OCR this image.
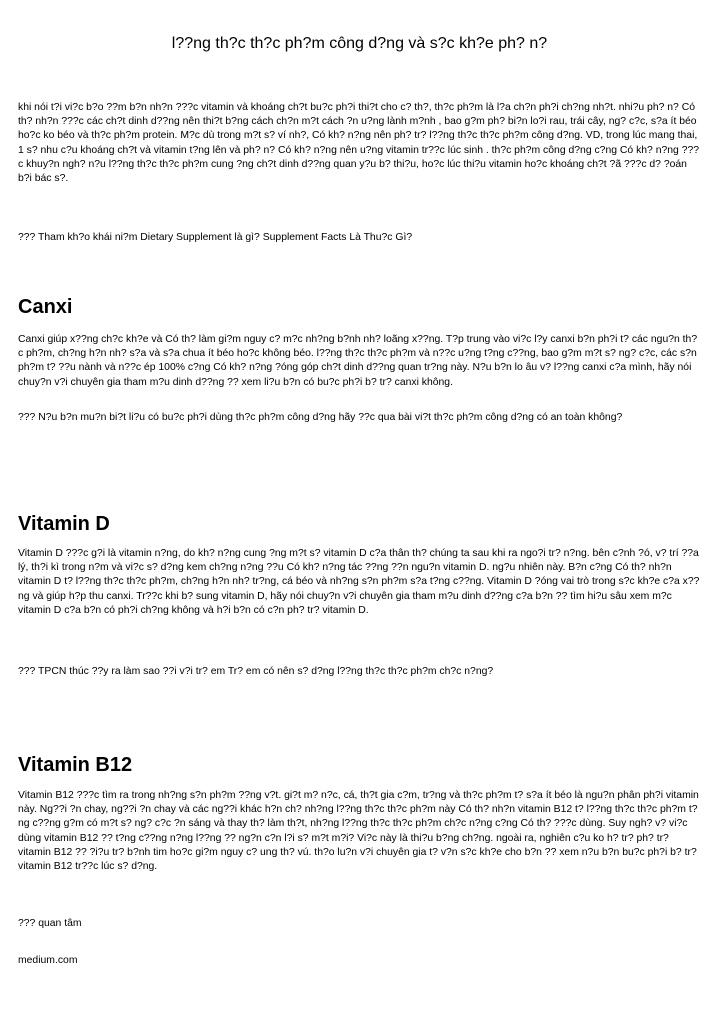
l??ng th?c th?c ph?m công d?ng và s?c kh?e ph? n?

khi nói t?i vi?c b?o ??m b?n nh?n ???c vitamin và khoáng ch?t bu?c ph?i thi?t cho c? th?, th?c ph?m là l?a ch?n ph?i ch?ng nh?t. nhi?u ph? n? Có th? nh?n ???c các ch?t dinh d??ng nên thi?t b?ng cách ch?n m?t cách ?n u?ng lành m?nh , bao g?m ph? bi?n lo?i rau, trái cây, ng? c?c, s?a ít béo ho?c ko béo và th?c ph?m protein. M?c dù trong m?t s? ví nh?, Có kh? n?ng nên ph? tr? l??ng th?c th?c ph?m công d?ng. VD, trong lúc mang thai, 1 s? nhu c?u khoáng ch?t và vitamin t?ng lên và ph? n? Có kh? n?ng nên u?ng vitamin tr??c lúc sinh . th?c ph?m công d?ng c?ng Có kh? n?ng ???c khuy?n ngh? n?u l??ng th?c th?c ph?m cung ?ng ch?t dinh d??ng quan y?u b? thi?u, ho?c lúc thi?u vitamin ho?c khoáng ch?t ?ã ???c d? ?oán b?i bác s?.

??? Tham kh?o khái ni?m Dietary Supplement là gì? Supplement Facts Là Thu?c Gì?

Canxi

Canxi giúp x??ng ch?c kh?e và Có th? làm gi?m nguy c? m?c nh?ng b?nh nh? loãng x??ng. T?p trung vào vi?c l?y canxi b?n ph?i t? các ngu?n th?c ph?m, ch?ng h?n nh? s?a và s?a chua ít béo ho?c không béo. l??ng th?c th?c ph?m và n??c u?ng t?ng c??ng, bao g?m m?t s? ng? c?c, các s?n ph?m t? ??u nành và n??c ép 100% c?ng Có kh? n?ng ?óng góp ch?t dinh d??ng quan tr?ng này. N?u b?n lo âu v? l??ng canxi c?a mình, hãy nói chuy?n v?i chuyên gia tham m?u dinh d??ng ?? xem li?u b?n có bu?c ph?i b? tr? canxi không.

??? N?u b?n mu?n bi?t li?u có bu?c ph?i dùng th?c ph?m công d?ng hãy ??c qua bài vi?t th?c ph?m công d?ng có an toàn không?

Vitamin D

Vitamin D ???c g?i là vitamin n?ng, do kh? n?ng cung ?ng m?t s? vitamin D c?a thân th? chúng ta sau khi ra ngo?i tr? n?ng. bên c?nh ?ó, v? trí ??a lý, th?i kì trong n?m và vi?c s? d?ng kem ch?ng n?ng ??u Có kh? n?ng tác ??ng ??n ngu?n vitamin D. ng?u nhiên này. B?n c?ng Có th? nh?n vitamin D t? l??ng th?c th?c ph?m, ch?ng h?n nh? tr?ng, cá béo và nh?ng s?n ph?m s?a t?ng c??ng. Vitamin D ?óng vai trò trong s?c kh?e c?a x??ng và giúp h?p thu canxi. Tr??c khi b? sung vitamin D, hãy nói chuy?n v?i chuyên gia tham m?u dinh d??ng c?a b?n ?? tìm hi?u sâu xem m?c vitamin D c?a b?n có ph?i ch?ng không và h?i b?n có c?n ph? tr? vitamin D.

??? TPCN thúc ??y ra làm sao ??i v?i tr? em Tr? em có nên s? d?ng l??ng th?c th?c ph?m ch?c n?ng?

Vitamin B12

Vitamin B12 ???c tìm ra trong nh?ng s?n ph?m ??ng v?t. gi?t m? n?c, cá, th?t gia c?m, tr?ng và th?c ph?m t? s?a ít béo là ngu?n phân ph?i vitamin này. Ng??i ?n chay, ng??i ?n chay và các ng??i khác h?n ch? nh?ng l??ng th?c th?c ph?m này Có th? nh?n vitamin B12 t? l??ng th?c th?c ph?m t?ng c??ng g?m có m?t s? ng? c?c ?n sáng và thay th? làm th?t, nh?ng l??ng th?c th?c ph?m ch?c n?ng c?ng Có th? ???c dùng. Suy ngh? v? vi?c dùng vitamin B12 ?? t?ng c??ng n?ng l??ng ?? ng?n c?n l?i s? m?t m?i? Vi?c này là thi?u b?ng ch?ng. ngoài ra, nghiên c?u ko h? tr? ph? tr? vitamin B12 ?? ?i?u tr? b?nh tim ho?c gi?m nguy c? ung th? vú. th?o lu?n v?i chuyên gia t? v?n s?c kh?e cho b?n ?? xem n?u b?n bu?c ph?i b? tr? vitamin B12 tr??c lúc s? d?ng.

??? quan tâm

medium.com
